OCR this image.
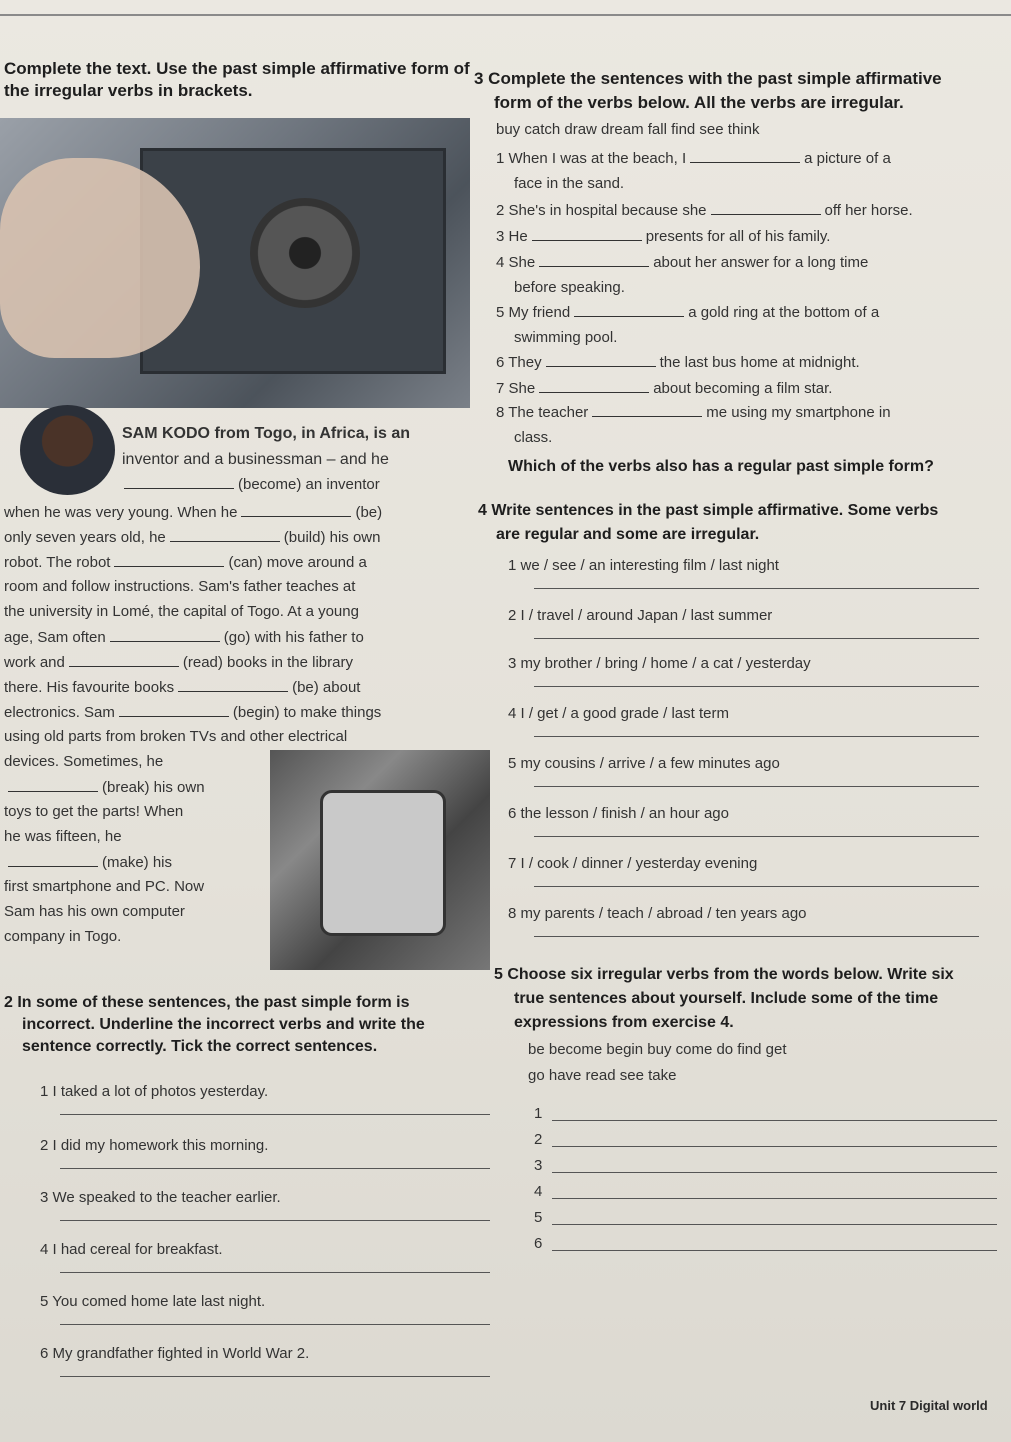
Complete the text. Use the past simple affirmative form of
the irregular verbs in brackets.
SAM KODO from Togo, in Africa, is an
inventor and a businessman – and he
(become) an inventor
when he was very young. When he	(be)
only seven years old, he	(build) his own
robot. The robot	(can) move around a
room and follow instructions. Sam's father teaches at
the university in Lomé, the capital of Togo. At a young
age, Sam often	(go) with his father to
work and	(read) books in the library
there. His favourite books	(be) about
electronics. Sam	(begin) to make things
using old parts from broken TVs and other electrical
devices. Sometimes, he
(break) his own
toys to get the parts! When
he was fifteen, he
(make) his
first smartphone and PC. Now
Sam has his own computer
company in Togo.
2 In some of these sentences, the past simple form is
incorrect. Underline the incorrect verbs and write the
sentence correctly. Tick the correct sentences.
1 I taked a lot of photos yesterday.
2 I did my homework this morning.
3 We speaked to the teacher earlier.
4 I had cereal for breakfast.
5 You comed home late last night.
6 My grandfather fighted in World War 2.
3 Complete the sentences with the past simple affirmative
form of the verbs below. All the verbs are irregular.
buy catch draw dream fall find see think
1 When I was at the beach, I	a picture of a
face in the sand.
2 She's in hospital because she	off her horse.
3 He	presents for all of his family.
4 She	about her answer for a long time
before speaking.
5 My friend	a gold ring at the bottom of a
swimming pool.
6 They	the last bus home at midnight.
7 She	about becoming a film star.
8 The teacher	me using my smartphone in
class.
Which of the verbs also has a regular past simple form?
4 Write sentences in the past simple affirmative. Some verbs
are regular and some are irregular.
1 we / see / an interesting film / last night
2 I / travel / around Japan / last summer
3 my brother / bring / home / a cat / yesterday
4 I / get / a good grade / last term
5 my cousins / arrive / a few minutes ago
6 the lesson / finish / an hour ago
7 I / cook / dinner / yesterday evening
8 my parents / teach / abroad / ten years ago
5 Choose six irregular verbs from the words below. Write six
true sentences about yourself. Include some of the time
expressions from exercise 4.
be become begin buy come do find get
go have read see take
1
2
3
4
5
6
Unit 7 Digital world
